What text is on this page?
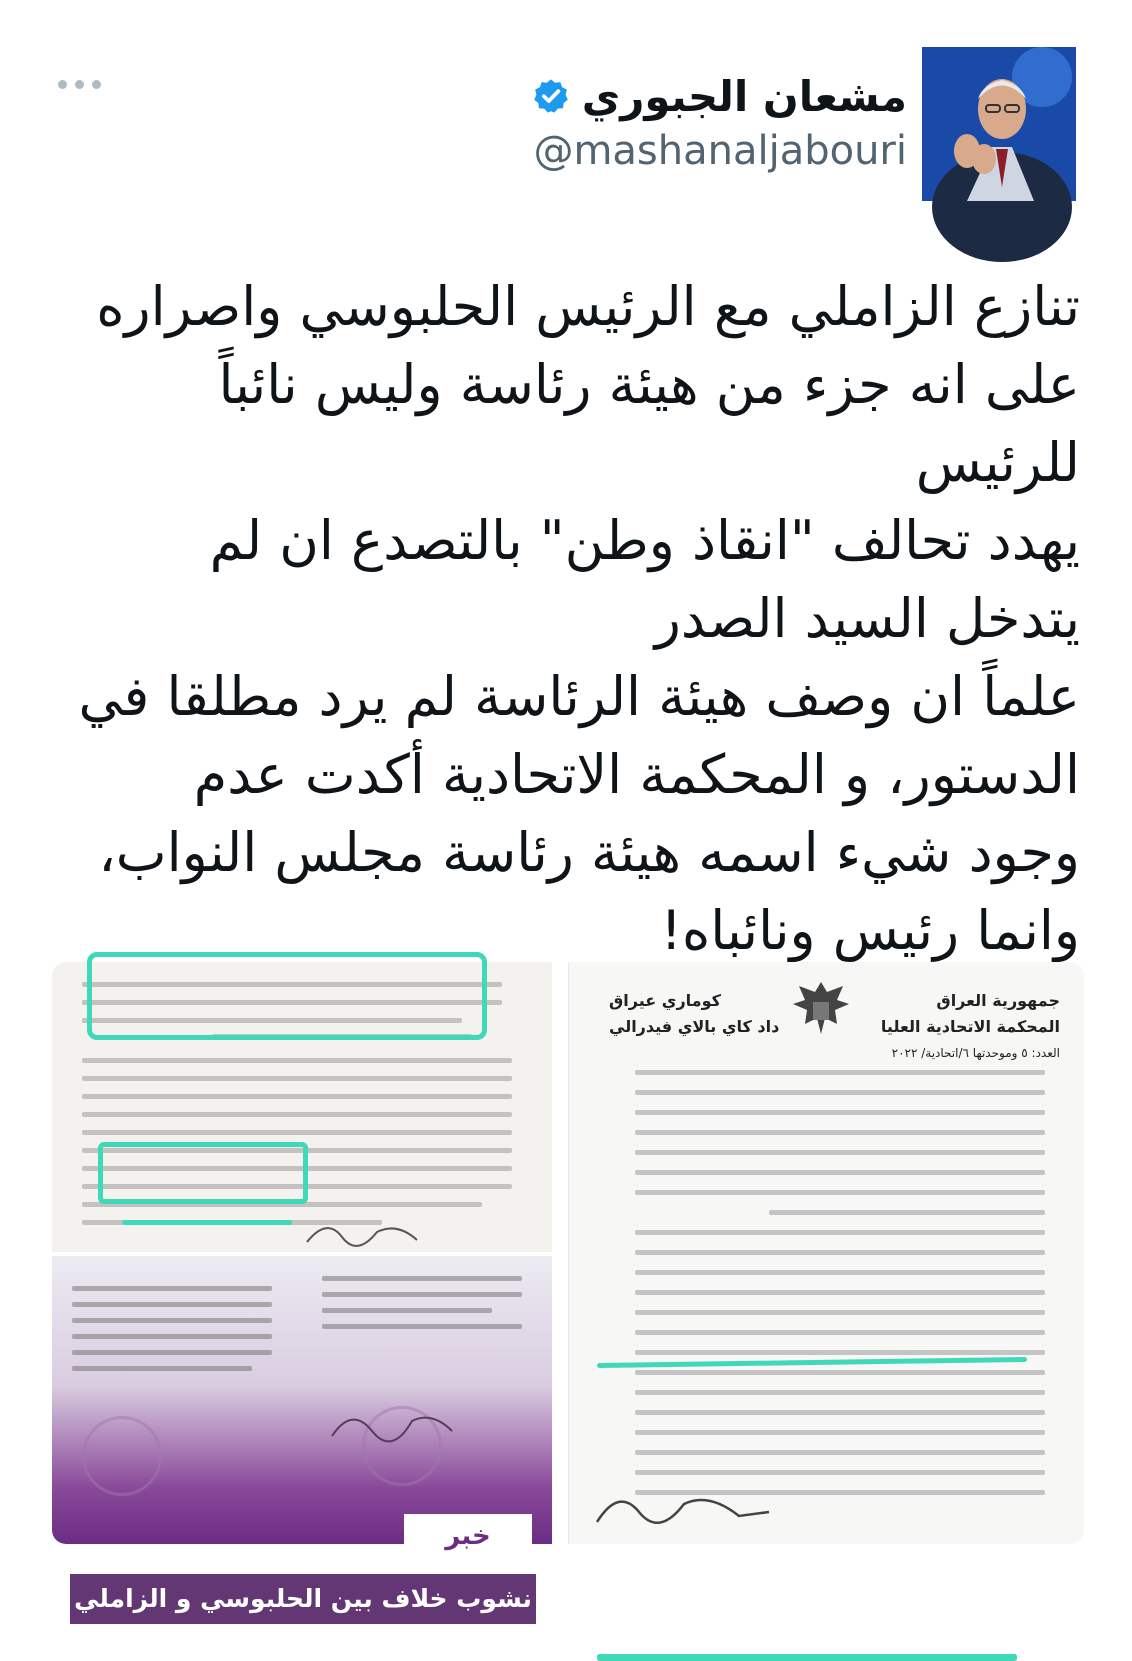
مشعان الجبوري
@mashanaljabouri

تنازع الزاملي مع الرئيس الحلبوسي واصراره
على انه جزء من هيئة رئاسة وليس نائباً للرئيس
يهدد تحالف "انقاذ وطن" بالتصدع ان لم
يتدخل السيد الصدر

علماً ان وصف هيئة الرئاسة لم يرد مطلقا في
الدستور، و المحكمة الاتحادية أكدت عدم
وجود شيء اسمه هيئة رئاسة مجلس النواب،
وانما رئيس ونائباه!

خبر
نشوب خلاف بين الحلبوسي و الزاملي
جمهورية العراق
المحكمة الاتحادية العليا
العدد: ٥ وموحدتها ٦/اتحادية/ ٢٠٢٢
كوماري عيراق
داد كاي بالاي فيدرالي
